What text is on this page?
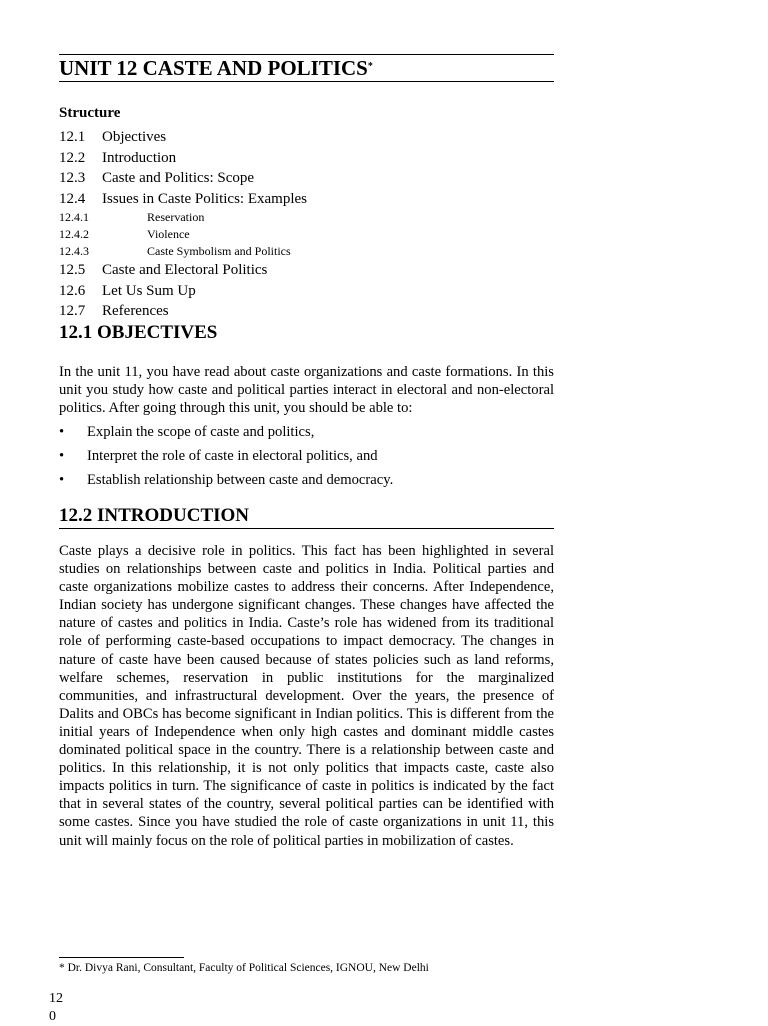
UNIT 12 CASTE AND POLITICS*
Structure
12.1 Objectives
12.2 Introduction
12.3 Caste and Politics: Scope
12.4 Issues in Caste Politics: Examples
12.4.1	Reservation
12.4.2	Violence
12.4.3	Caste Symbolism and Politics
12.5 Caste and Electoral Politics
12.6 Let Us Sum Up
12.7 References
12.1 OBJECTIVES

In the unit 11, you have read about caste organizations and caste formations. In this unit you study how caste and political parties interact in electoral and non-electoral politics. After going through this unit, you should be able to:

• Explain the scope of caste and politics,
• Interpret the role of caste in electoral politics, and
• Establish relationship between caste and democracy.
12.2 INTRODUCTION

Caste plays a decisive role in politics. This fact has been highlighted in several studies on relationships between caste and politics in India. Political parties and caste organizations mobilize castes to address their concerns. After Independence, Indian society has undergone significant changes. These changes have affected the nature of castes and politics in India. Caste’s role has widened from its traditional role of performing caste-based occupations to impact democracy. The changes in nature of caste have been caused because of states policies such as land reforms, welfare schemes, reservation in public institutions for the marginalized communities, and infrastructural development. Over the years, the presence of Dalits and OBCs has become significant in Indian politics. This is different from the initial years of Independence when only high castes and dominant middle castes dominated political space in the country. There is a relationship between caste and politics. In this relationship, it is not only politics that impacts caste, caste also impacts politics in turn. The significance of caste in politics is indicated by the fact that in several states of the country, several political parties can be identified with some castes. Since you have studied the role of caste organizations in unit 11, this unit will mainly focus on the role of political parties in mobilization of castes.

* Dr. Divya Rani, Consultant, Faculty of Political Sciences, IGNOU, New Delhi
120
